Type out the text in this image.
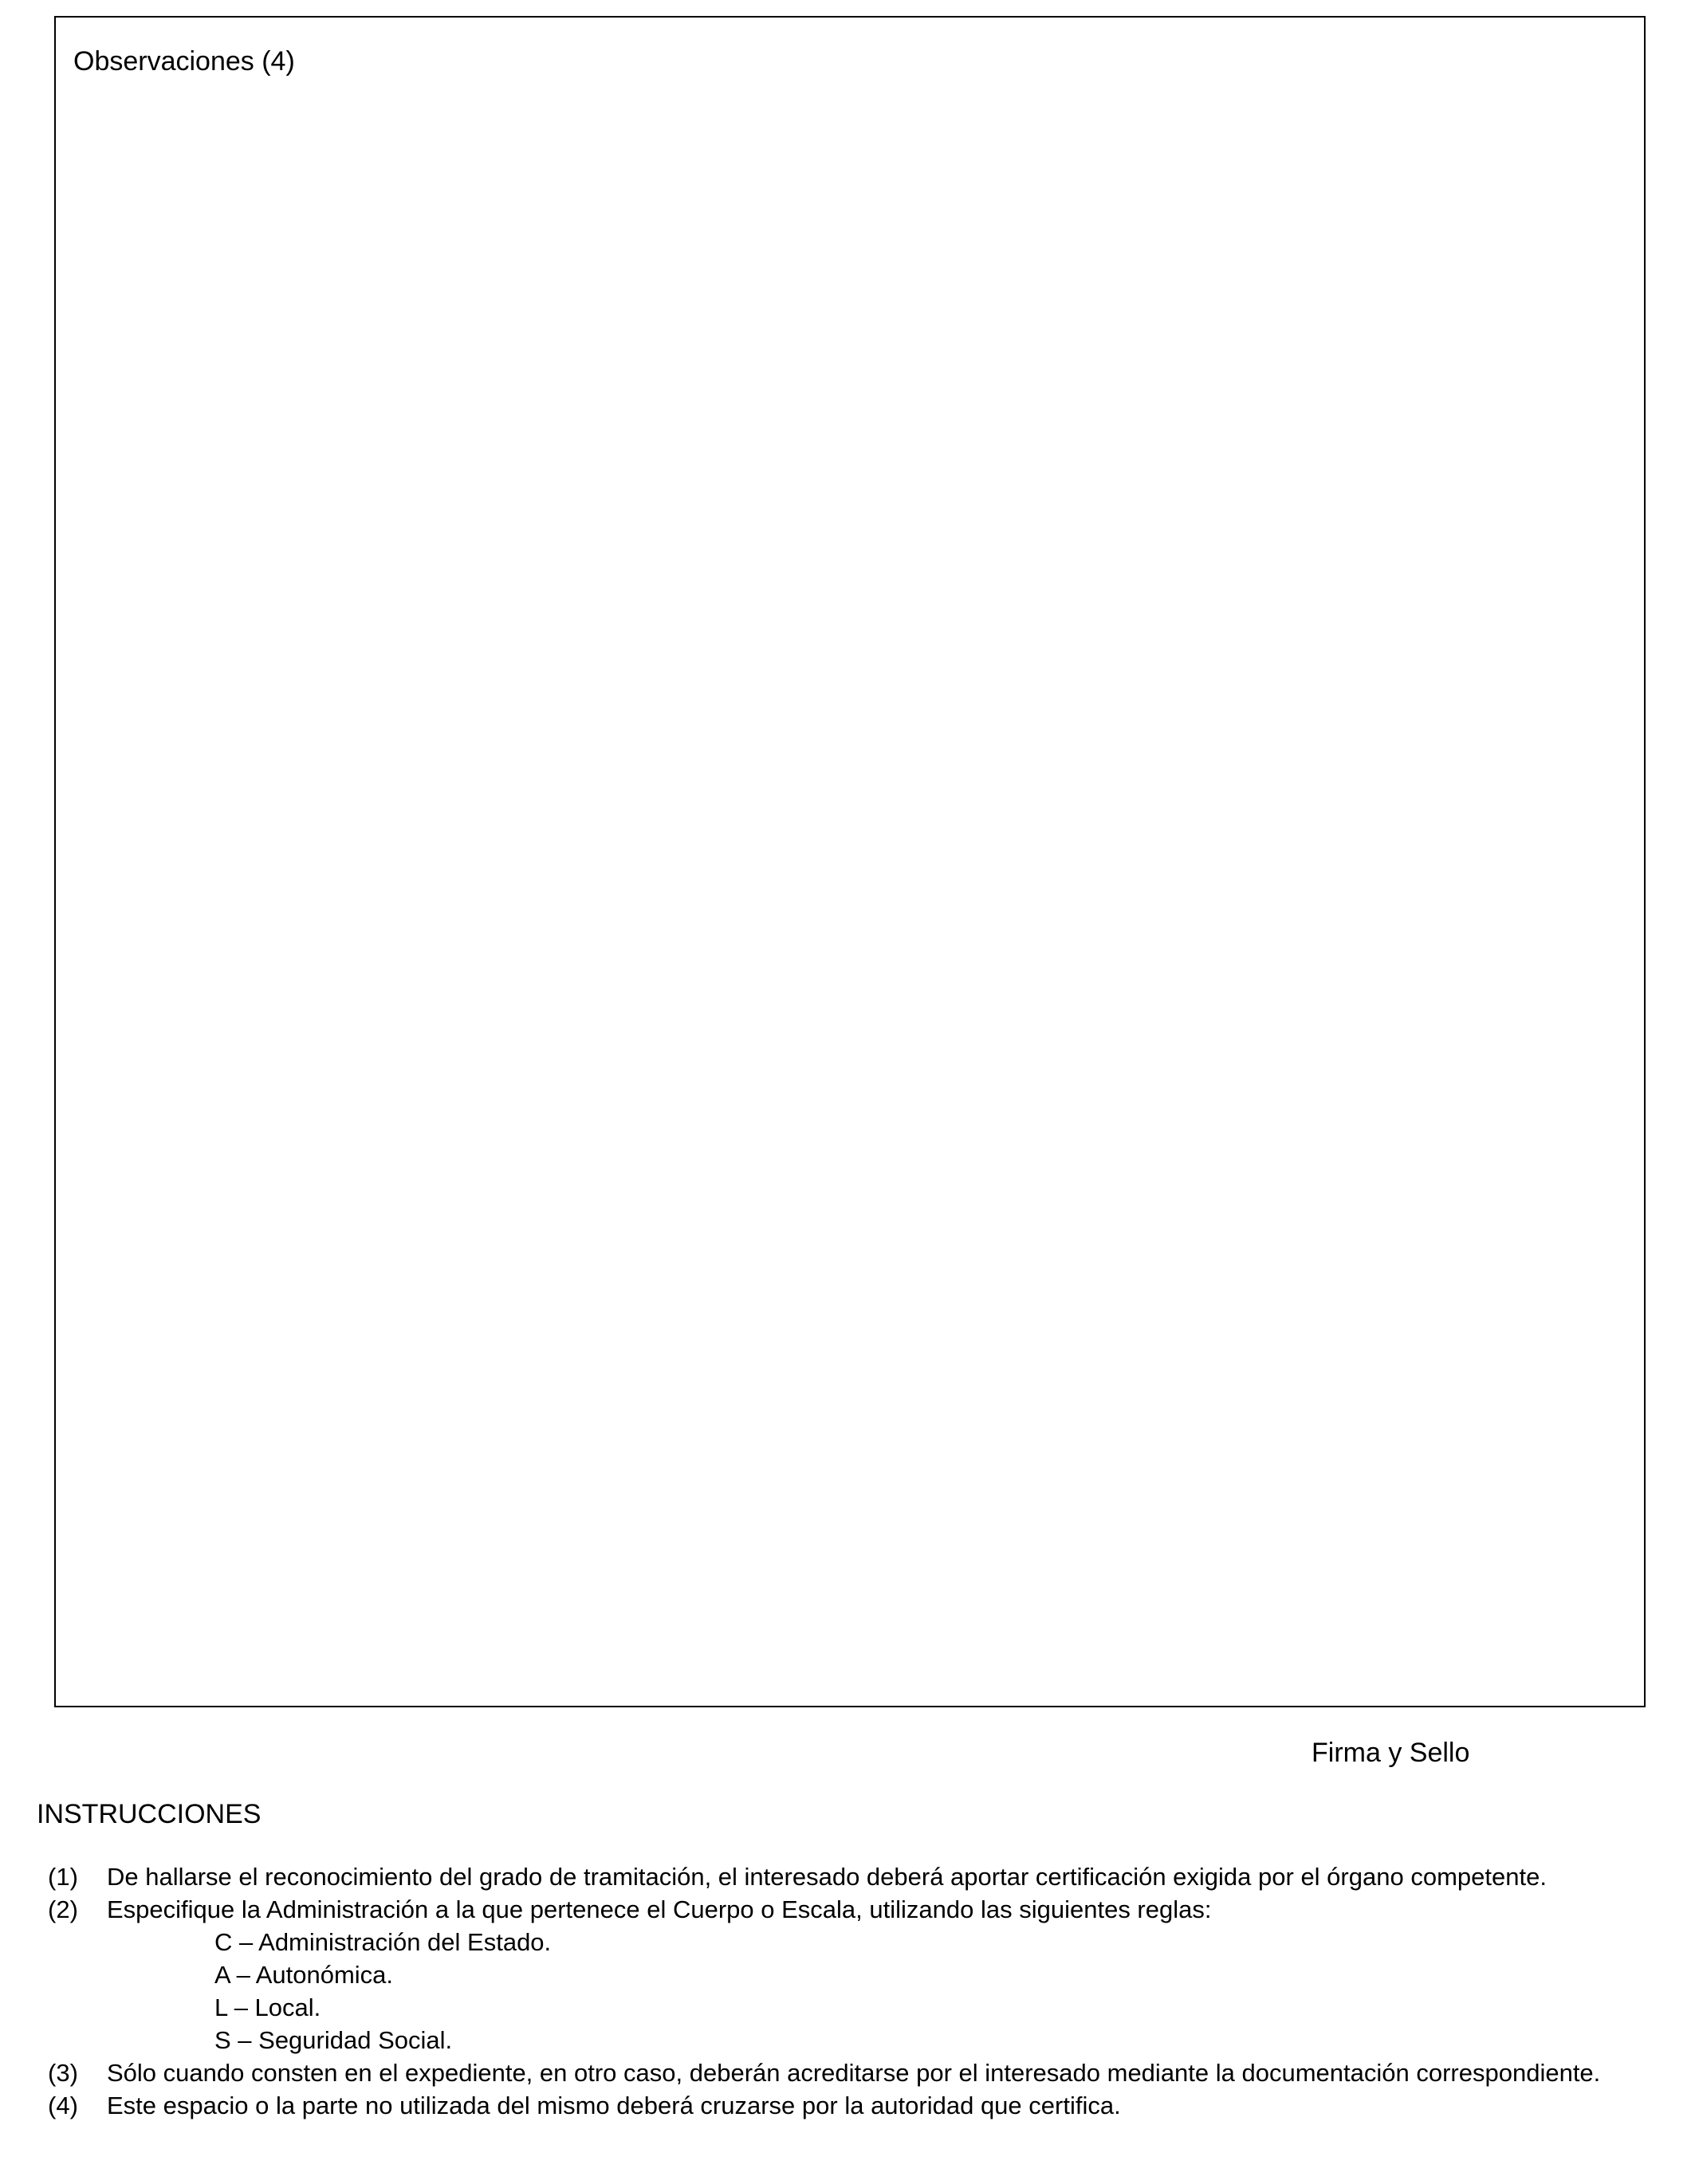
Observaciones (4)
Firma y Sello
INSTRUCCIONES
(1) De hallarse el reconocimiento del grado de tramitación, el interesado deberá aportar certificación exigida por el órgano competente.
(2) Especifique la Administración a la que pertenece el Cuerpo o Escala, utilizando las siguientes reglas:
C – Administración del Estado.
A – Autonómica.
L – Local.
S – Seguridad Social.
(3) Sólo cuando consten en el expediente, en otro caso, deberán acreditarse por el interesado mediante la documentación correspondiente.
(4) Este espacio o la parte no utilizada del mismo deberá cruzarse por la autoridad que certifica.
